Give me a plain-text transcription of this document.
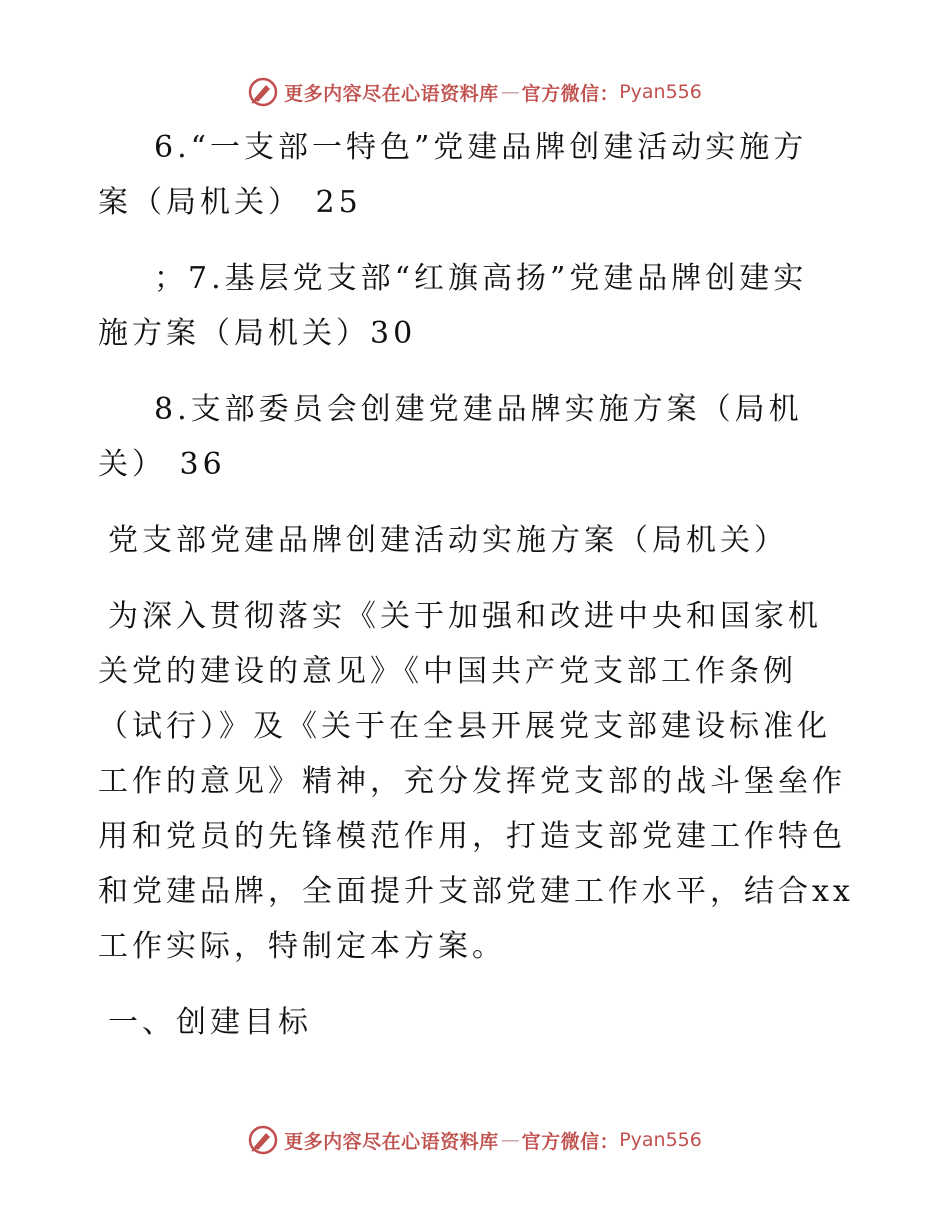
更多内容尽在心语资料库 — 官方微信： Pyan556
6.“一支部一特色”党建品牌创建活动实施方
案（局机关） 25
；7.基层党支部“红旗高扬”党建品牌创建实
施方案（局机关）30
8.支部委员会创建党建品牌实施方案（局机
关） 36
党支部党建品牌创建活动实施方案（局机关）
为深入贯彻落实《关于加强和改进中央和国家机
关党的建设的意见》《中国共产党支部工作条例
（试行）》及《关于在全县开展党支部建设标准化
工作的意见》精神，充分发挥党支部的战斗堡垒作
用和党员的先锋模范作用，打造支部党建工作特色
和党建品牌，全面提升支部党建工作水平，结合xx
工作实际，特制定本方案。
一、创建目标
更多内容尽在心语资料库 — 官方微信： Pyan556
